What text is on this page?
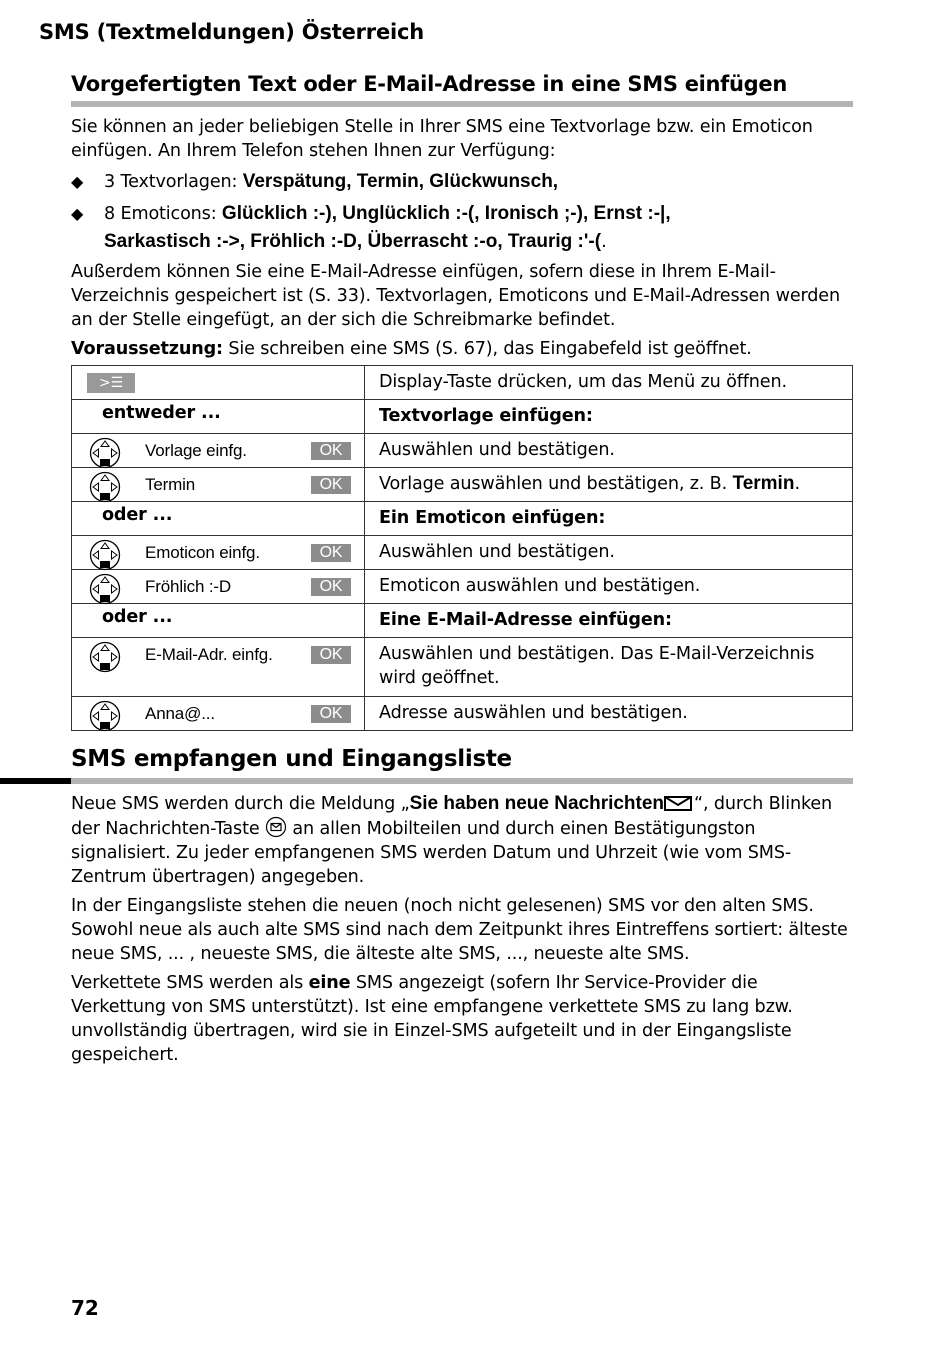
SMS (Textmeldungen) Österreich
Vorgefertigten Text oder E-Mail-Adresse in eine SMS einfügen

Sie können an jeder beliebigen Stelle in Ihrer SMS eine Textvorlage bzw. ein Emoticon einfügen. An Ihrem Telefon stehen Ihnen zur Verfügung:

◆ 3 Textvorlagen: Verspätung, Termin, Glückwunsch,
◆ 8 Emoticons: Glücklich :-), Unglücklich :-(, Ironisch ;-), Ernst :-|,
Sarkastisch :->, Fröhlich :-D, Überrascht :-o, Traurig :'-(.

Außerdem können Sie eine E-Mail-Adresse einfügen, sofern diese in Ihrem E-Mail-Verzeichnis gespeichert ist (S. 33). Textvorlagen, Emoticons und E-Mail-Adressen werden an der Stelle eingefügt, an der sich die Schreibmarke befindet.

Voraussetzung: Sie schreiben eine SMS (S. 67), das Eingabefeld ist geöffnet.

>☰	Display-Taste drücken, um das Menü zu öffnen.

entweder ...	Textvorlage einfügen:

Vorlage einfg. OK	Auswählen und bestätigen.

Termin OK	Vorlage auswählen und bestätigen, z. B. Termin.

oder ...	Ein Emoticon einfügen:

Emoticon einfg. OK	Auswählen und bestätigen.

Fröhlich :-D OK	Emoticon auswählen und bestätigen.

oder ...	Eine E-Mail-Adresse einfügen:

E-Mail-Adr. einfg. OK	Auswählen und bestätigen. Das E-Mail-Verzeichnis wird geöffnet.

Anna@... OK	Adresse auswählen und bestätigen.
SMS empfangen und Eingangsliste

Neue SMS werden durch die Meldung „Sie haben neue Nachrichten “, durch Blinken der Nachrichten-Taste  an allen Mobilteilen und durch einen Bestätigungston signalisiert. Zu jeder empfangenen SMS werden Datum und Uhrzeit (wie vom SMS-Zentrum übertragen) angegeben.

In der Eingangsliste stehen die neuen (noch nicht gelesenen) SMS vor den alten SMS. Sowohl neue als auch alte SMS sind nach dem Zeitpunkt ihres Eintreffens sortiert: älteste neue SMS, ... , neueste SMS, die älteste alte SMS, ..., neueste alte SMS.

Verkettete SMS werden als eine SMS angezeigt (sofern Ihr Service-Provider die Verkettung von SMS unterstützt). Ist eine empfangene verkettete SMS zu lang bzw. unvollständig übertragen, wird sie in Einzel-SMS aufgeteilt und in der Eingangsliste gespeichert.

72
